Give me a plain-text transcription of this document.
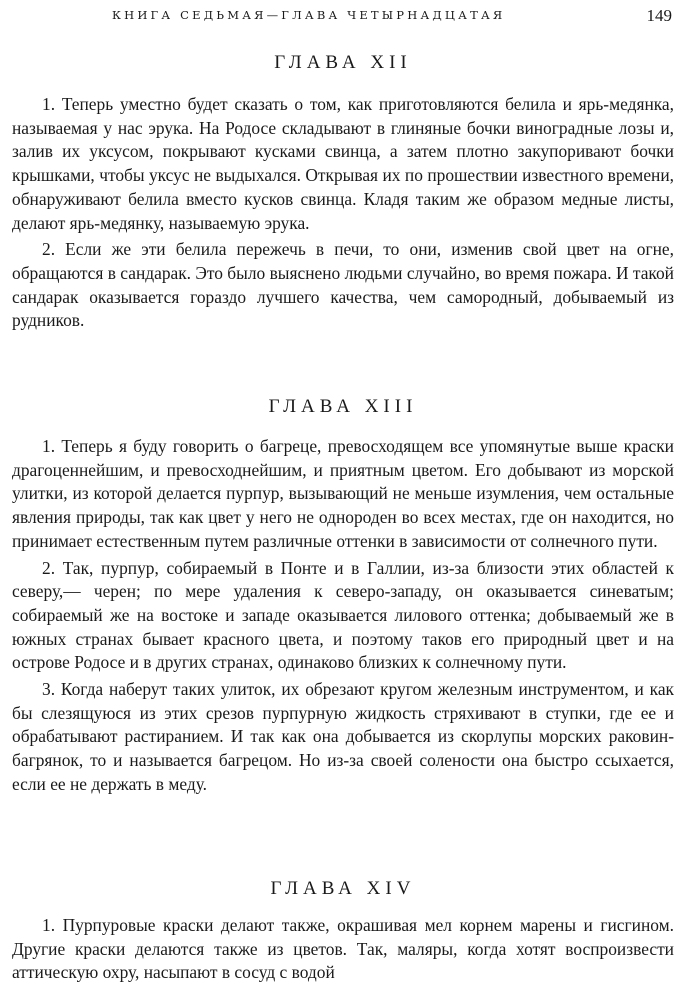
КНИГА СЕДЬМАЯ—ГЛАВА ЧЕТЫРНАДЦАТАЯ	149
ГЛАВА XII

1. Теперь уместно будет сказать о том, как приготовляются белила и ярь-медянка, называемая у нас эрука. На Родосе складывают в глиняные бочки виноградные лозы и, залив их уксусом, покрывают кусками свинца, а затем плотно закупоривают бочки крышками, чтобы уксус не выдыхался. Открывая их по прошествии известного времени, обнаруживают белила вместо кусков свинца. Кладя таким же образом медные листы, делают ярь-медянку, называемую эрука.

2. Если же эти белила пережечь в печи, то они, изменив свой цвет на огне, обращаются в сандарак. Это было выяснено людьми случайно, во время пожара. И такой сандарак оказывается гораздо лучшего качества, чем самородный, добываемый из рудников.

ГЛАВА XIII

1. Теперь я буду говорить о багреце, превосходящем все упомянутые выше краски драгоценнейшим, и превосходнейшим, и приятным цветом. Его добывают из морской улитки, из которой делается пурпур, вызывающий не меньше изумления, чем остальные явления природы, так как цвет у него не однороден во всех местах, где он находится, но принимает естественным путем различные оттенки в зависимости от солнечного пути.

2. Так, пурпур, собираемый в Понте и в Галлии, из-за близости этих областей к северу,— черен; по мере удаления к северо-западу, он оказывается синеватым; собираемый же на востоке и западе оказывается лилового оттенка; добываемый же в южных странах бывает красного цвета, и поэтому таков его природный цвет и на острове Родосе и в других странах, одинаково близких к солнечному пути.

3. Когда наберут таких улиток, их обрезают кругом железным инструментом, и как бы слезящуюся из этих срезов пурпурную жидкость стряхивают в ступки, где ее и обрабатывают растиранием. И так как она добывается из скорлупы морских раковин-багрянок, то и называется багрецом. Но из-за своей солености она быстро ссыхается, если ее не держать в меду.

ГЛАВА XIV

1. Пурпуровые краски делают также, окрашивая мел корнем марены и гисгином. Другие краски делаются также из цветов. Так, маляры, когда хотят воспроизвести аттическую охру, насыпают в сосуд с водой
